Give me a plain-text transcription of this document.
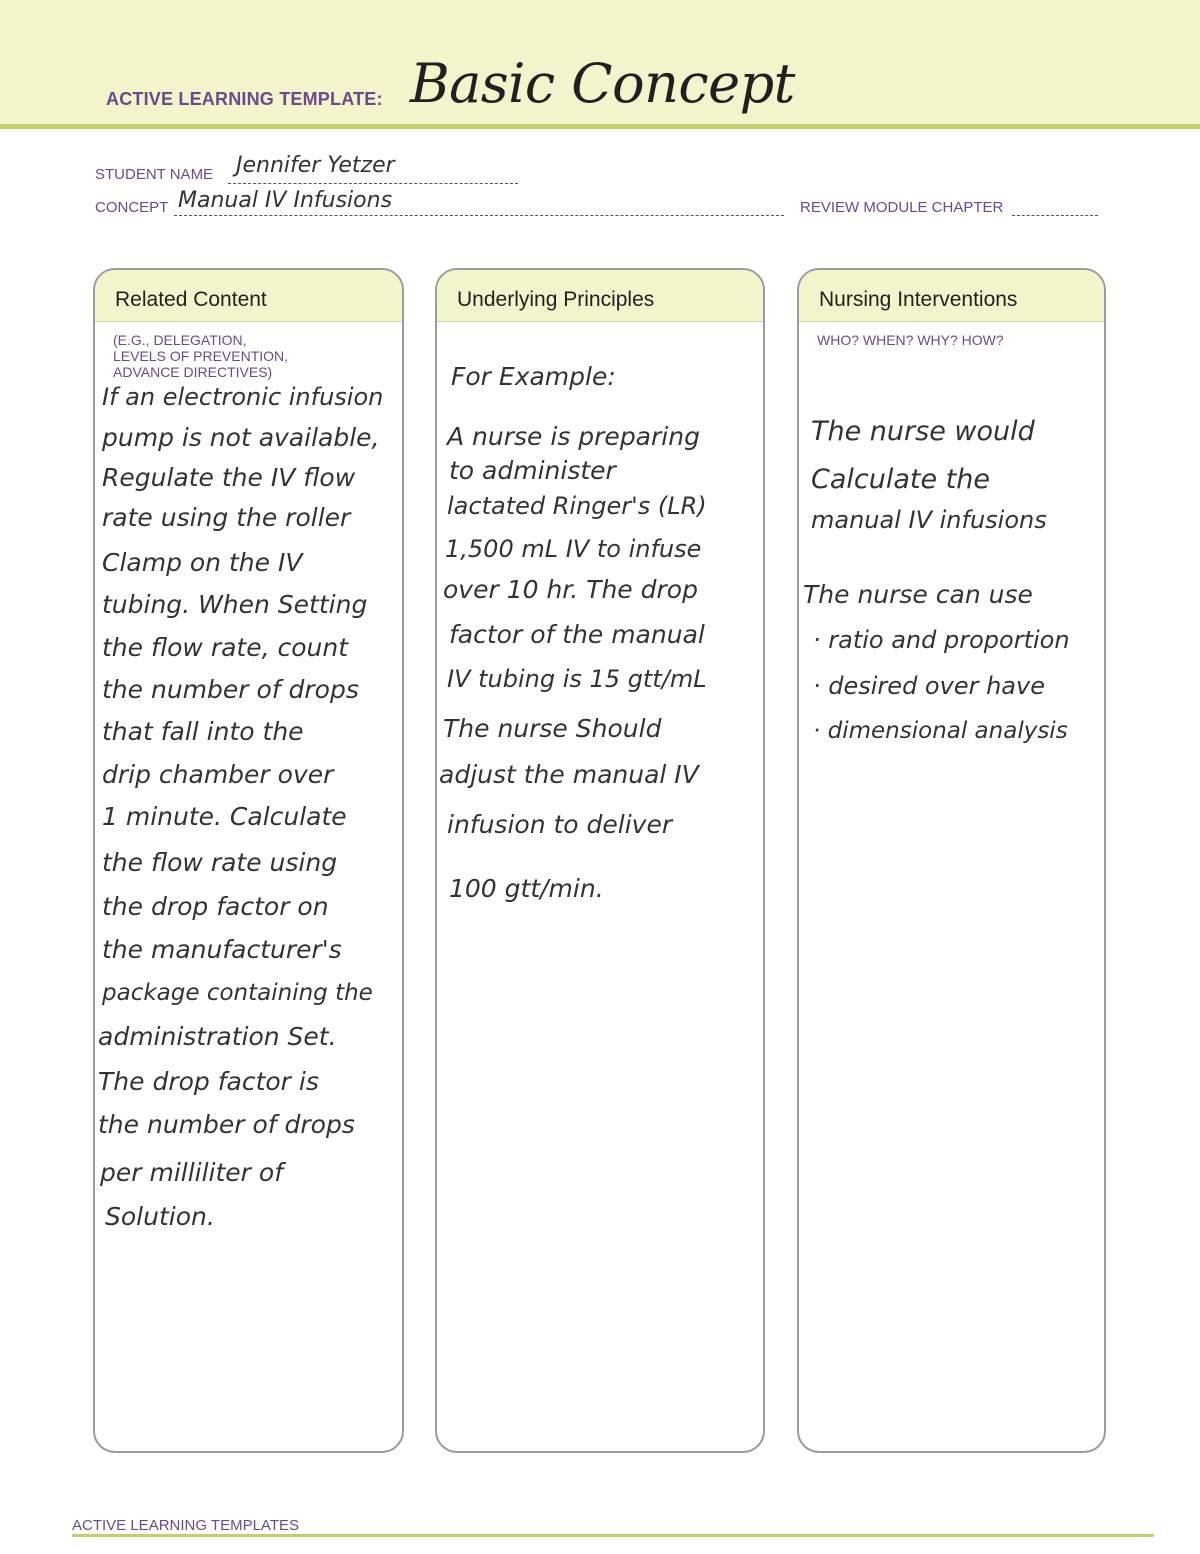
ACTIVE LEARNING TEMPLATE: Basic Concept
STUDENT NAME Jennifer Yetzer
CONCEPT Manual IV Infusions	REVIEW MODULE CHAPTER
Related Content
(E.G., DELEGATION,
LEVELS OF PREVENTION,
ADVANCE DIRECTIVES)
If an electronic infusion
pump is not available,
Regulate the IV flow
rate using the roller
Clamp on the IV
tubing. When Setting
the flow rate, count
the number of drops
that fall into the
drip chamber over
1 minute. Calculate
the flow rate using
the drop factor on
the manufacturer's
package containing the
administration Set.
The drop factor is
the number of drops
per milliliter of
Solution.
Underlying Principles
For Example:
A nurse is preparing
to administer
lactated Ringer's (LR)
1,500 mL IV to infuse
over 10 hr. The drop
factor of the manual
IV tubing is 15 gtt/mL
The nurse Should
adjust the manual IV
infusion to deliver
100 gtt/min.
Nursing Interventions
WHO? WHEN? WHY? HOW?
The nurse would
Calculate the
manual IV infusions
The nurse can use
· ratio and proportion
· desired over have
· dimensional analysis
ACTIVE LEARNING TEMPLATES
